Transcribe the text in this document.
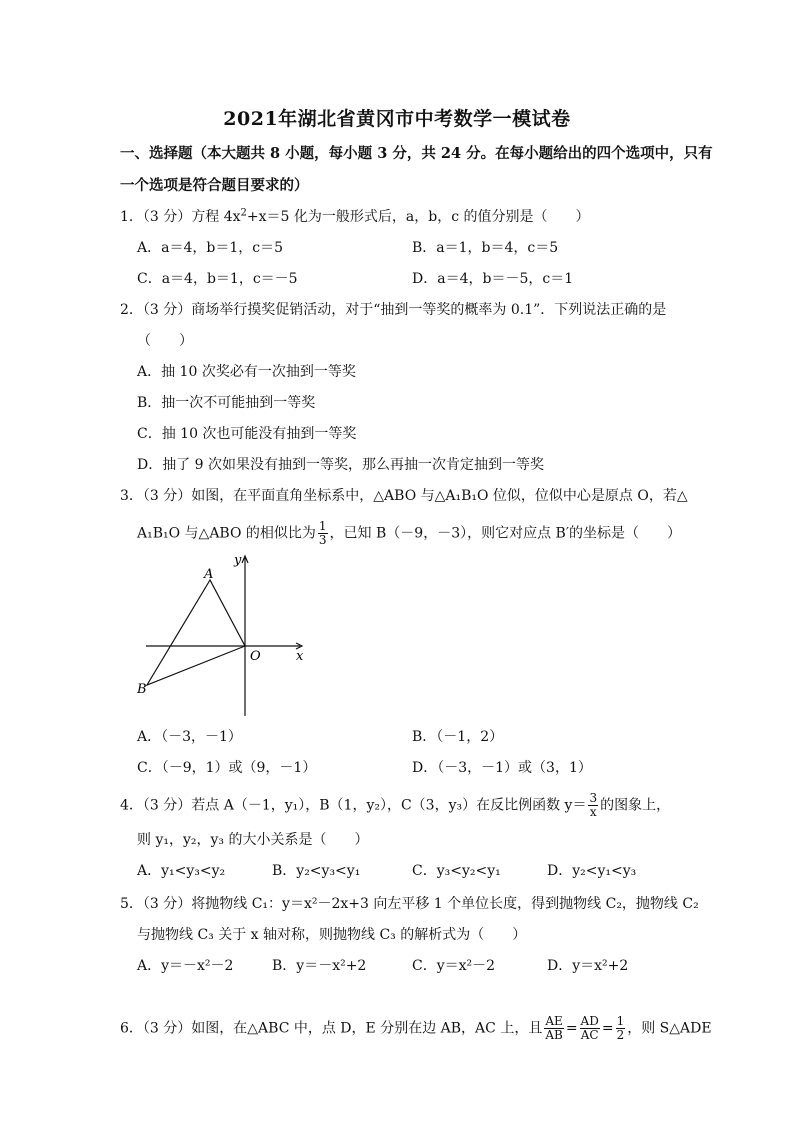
2021年湖北省黄冈市中考数学一模试卷
一、选择题（本大题共 8 小题，每小题 3 分，共 24 分。在每小题给出的四个选项中，只有
一个选项是符合题目要求的）
1．（3 分）方程 $4x^2+x=5$ 化为一般形式后，a，b，c 的值分别是（　　）
A．a＝4，b＝1，c＝5	B．a＝1，b＝4，c＝5
C．a＝4，b＝1，c＝－5	D．a＝4，b＝－5，c＝1
2．（3 分）商场举行摸奖促销活动，对于“抽到一等奖的概率为 0.1”．下列说法正确的是
（　　）
A．抽 10 次奖必有一次抽到一等奖
B．抽一次不可能抽到一等奖
C．抽 10 次也可能没有抽到一等奖
D．抽了 9 次如果没有抽到一等奖，那么再抽一次肯定抽到一等奖
3．（3 分）如图，在平面直角坐标系中，△ABO 与△A₁B₁O 位似，位似中心是原点 O，若△
A₁B₁O 与△ABO 的相似比为 $\frac{1}{3}$ ，已知 B（－9，－3），则它对应点 B′的坐标是（　　）
y
x
O
A
B
A．（－3，－1）	B．（－1，2）
C．（－9，1）或（9，－1）	D．（－3，－1）或（3，1）
4．（3 分）若点 A（－1，y₁），B（1，y₂），C（3，y₃）在反比例函数 $y= \frac{3}{x}$ 的图象上，
则 y₁，y₂，y₃ 的大小关系是（　　）
A．y₁<y₃<y₂	B．y₂<y₃<y₁	C．y₃<y₂<y₁	D．y₂<y₁<y₃
5．（3 分）将抛物线 C₁：y＝x²－2x+3 向左平移 1 个单位长度，得到抛物线 C₂，抛物线 C₂
与抛物线 C₃ 关于 x 轴对称，则抛物线 C₃ 的解析式为（　　）
A．y＝－x²－2	B．y＝－x²+2	C．y＝x²－2	D．y＝x²+2
6．（3 分）如图，在△ABC 中，点 D，E 分别在边 AB，AC 上，且 $\frac{AE}{AB} = \frac{AD}{AC} = \frac{1}{2}$ ，则 S△ADE
